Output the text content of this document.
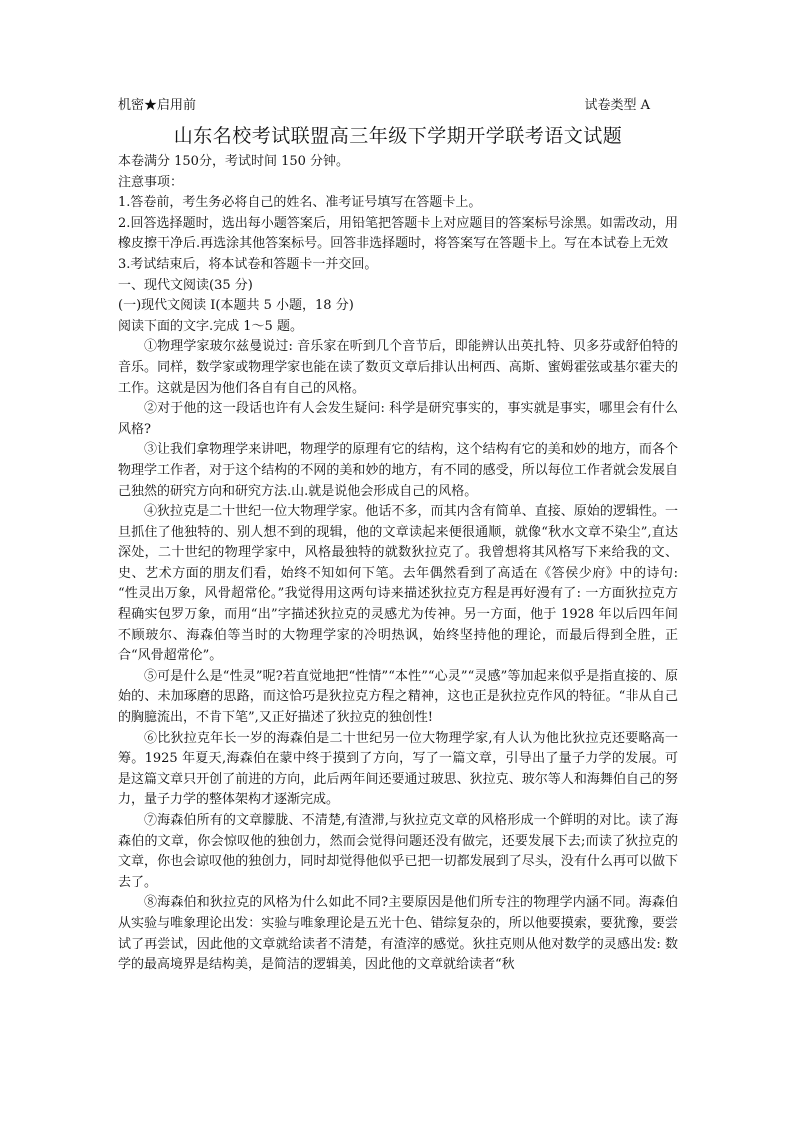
机密★启用前	试卷类型 A
山东名校考试联盟高三年级下学期开学联考语文试题

本卷满分 150分，考试时间 150 分钟。

注意事项：

1.答卷前，考生务必将自己的姓名、准考证号填写在答题卡上。

2.回答选择题时，选出每小题答案后，用铅笔把答题卡上对应题目的答案标号涂黑。如需改动，用橡皮擦干净后.再选涂其他答案标号。回答非选择题时，将答案写在答题卡上。写在本试卷上无效

3.考试结束后，将本试卷和答题卡一并交回。

一、现代文阅读(35 分)

(一)现代文阅读 I(本题共 5 小题，18 分)

阅读下面的文字.完成 1～5 题。

①物理学家玻尔兹曼说过: 音乐家在听到几个音节后，即能辨认出英扎特、贝多芬或舒伯特的音乐。同样，数学家或物理学家也能在读了数页文章后排认出柯西、高斯、蜜姆霍弦或基尔霍夫的工作。这就是因为他们各自有自己的风格。

②对于他的这一段话也许有人会发生疑问: 科学是研究事实的，事实就是事实，哪里会有什么风格?

③让我们拿物理学来讲吧，物理学的原理有它的结构，这个结构有它的美和妙的地方，而各个物理学工作者，对于这个结构的不网的美和妙的地方，有不同的感受，所以每位工作者就会发展自己独然的研究方向和研究方法.山.就是说他会形成自己的风格。

④狄拉克是二十世纪一位大物理学家。他话不多，而其内含有简单、直接、原始的逻辑性。一旦抓住了他独特的、别人想不到的现辑，他的文章读起来便很通顺，就像“秋水文章不染尘”,直达深处，二十世纪的物理学家中，风格最独特的就数狄拉克了。我曾想将其风格写下来给我的文、史、艺术方面的朋友们看，始终不知如何下笔。去年偶然看到了高适在《答侯少府》中的诗句: “性灵出万象，风骨超常伦。”我觉得用这两句诗来描述狄拉克方程是再好漫有了: 一方面狄拉克方程确实包罗万象，而用“出”字描述狄拉克的灵感尤为传神。另一方面，他于 1928 年以后四年间不顾玻尔、海森伯等当时的大物理学家的冷明热讽，始终坚持他的理论，而最后得到全胜，正合“风骨超常伦”。

⑤可是什么是“性灵”呢?若直觉地把“性情”“本性”“心灵”“灵感”等加起来似乎是指直接的、原始的、未加琢磨的思路，而这恰巧是狄拉克方程之精神，这也正是狄拉克作风的特征。“非从自己的胸臆流出，不肯下笔”,又正好描述了狄拉克的独创性!

⑥比狄拉克年长一岁的海森伯是二十世纪另一位大物理学家,有人认为他比狄拉克还要略高一筹。1925 年夏天,海森伯在蒙中终于摸到了方向，写了一篇文章，引导出了量子力学的发展。可是这篇文章只开创了前进的方向，此后两年间还要通过玻思、狄拉克、玻尔等人和海舞伯自己的努力，量子力学的整体架构才逐渐完成。

⑦海森伯所有的文章朦胧、不清楚,有渣滞,与狄拉克文章的风格形成一个鲜明的对比。读了海森伯的文章，你会惊叹他的独创力，然而会觉得问题还没有做完，还要发展下去;而读了狄拉克的文章，你也会谅叹他的独创力，同时却觉得他似乎已把一切都发展到了尽头，没有什么再可以做下去了。

⑧海森伯和狄拉克的风格为什么如此不同?主要原因是他们所专注的物理学内涵不同。海森伯从实验与唯象理论出发：实验与唯象理论是五光十色、错综复杂的，所以他要摸索，要犹豫，要尝试了再尝试，因此他的文章就给读者不清楚，有渣滓的感觉。狄拄克则从他对数学的灵感出发: 数学的最高境界是结构美，是简洁的逻辑美，因此他的文章就给读者“秋
